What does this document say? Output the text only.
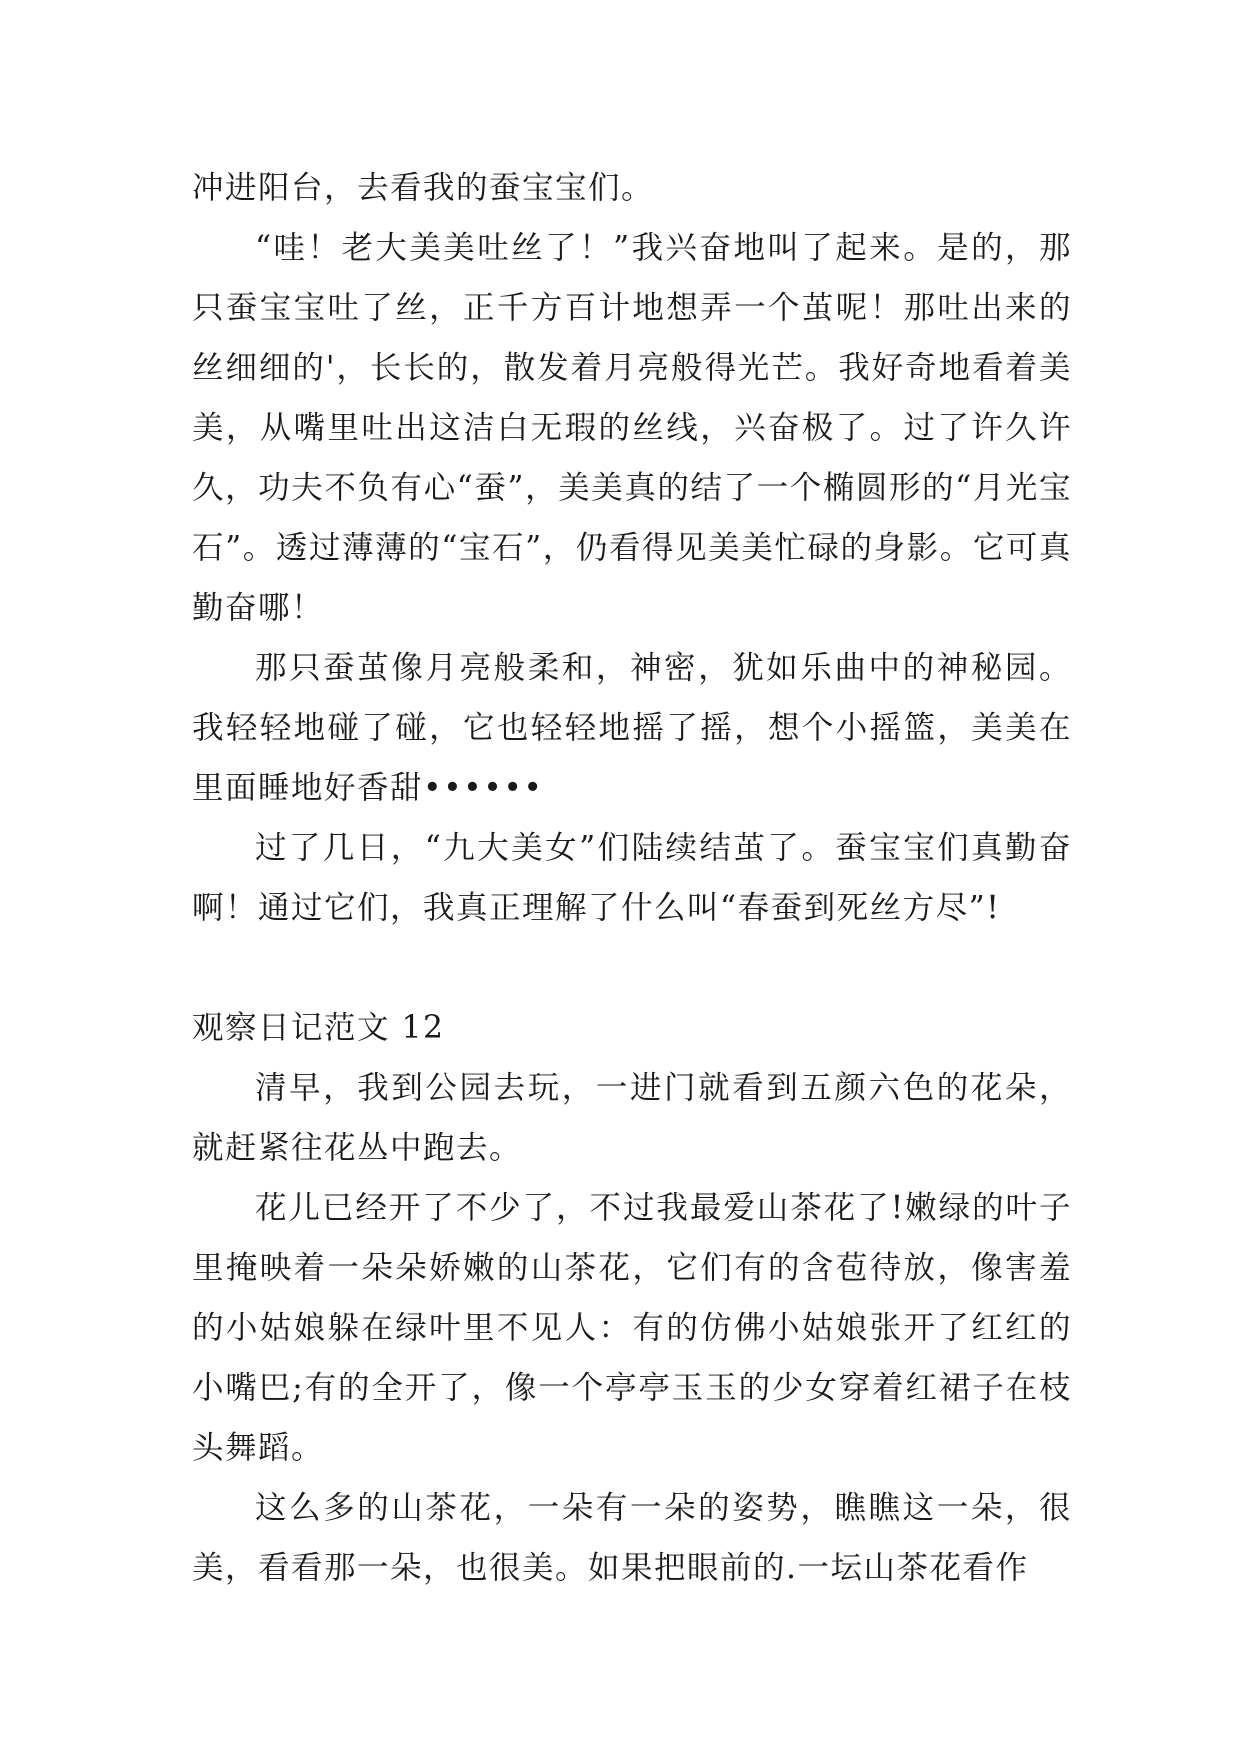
冲进阳台，去看我的蚕宝宝们。

“哇！老大美美吐丝了！”我兴奋地叫了起来。是的，那只蚕宝宝吐了丝，正千方百计地想弄一个茧呢！那吐出来的丝细细的'，长长的，散发着月亮般得光芒。我好奇地看着美美，从嘴里吐出这洁白无瑕的丝线，兴奋极了。过了许久许久，功夫不负有心“蚕”，美美真的结了一个椭圆形的“月光宝石”。透过薄薄的“宝石”，仍看得见美美忙碌的身影。它可真勤奋哪！

那只蚕茧像月亮般柔和，神密，犹如乐曲中的神秘园。我轻轻地碰了碰，它也轻轻地摇了摇，想个小摇篮，美美在里面睡地好香甜••••••

过了几日，“九大美女”们陆续结茧了。蚕宝宝们真勤奋啊！通过它们，我真正理解了什么叫“春蚕到死丝方尽”!

观察日记范文 12

清早，我到公园去玩，一进门就看到五颜六色的花朵，就赶紧往花丛中跑去。

花儿已经开了不少了，不过我最爱山茶花了!嫩绿的叶子里掩映着一朵朵娇嫩的山茶花，它们有的含苞待放，像害羞的小姑娘躲在绿叶里不见人：有的仿佛小姑娘张开了红红的小嘴巴;有的全开了，像一个亭亭玉玉的少女穿着红裙子在枝头舞蹈。

这么多的山茶花，一朵有一朵的姿势，瞧瞧这一朵，很美，看看那一朵，也很美。如果把眼前的.一坛山茶花看作
